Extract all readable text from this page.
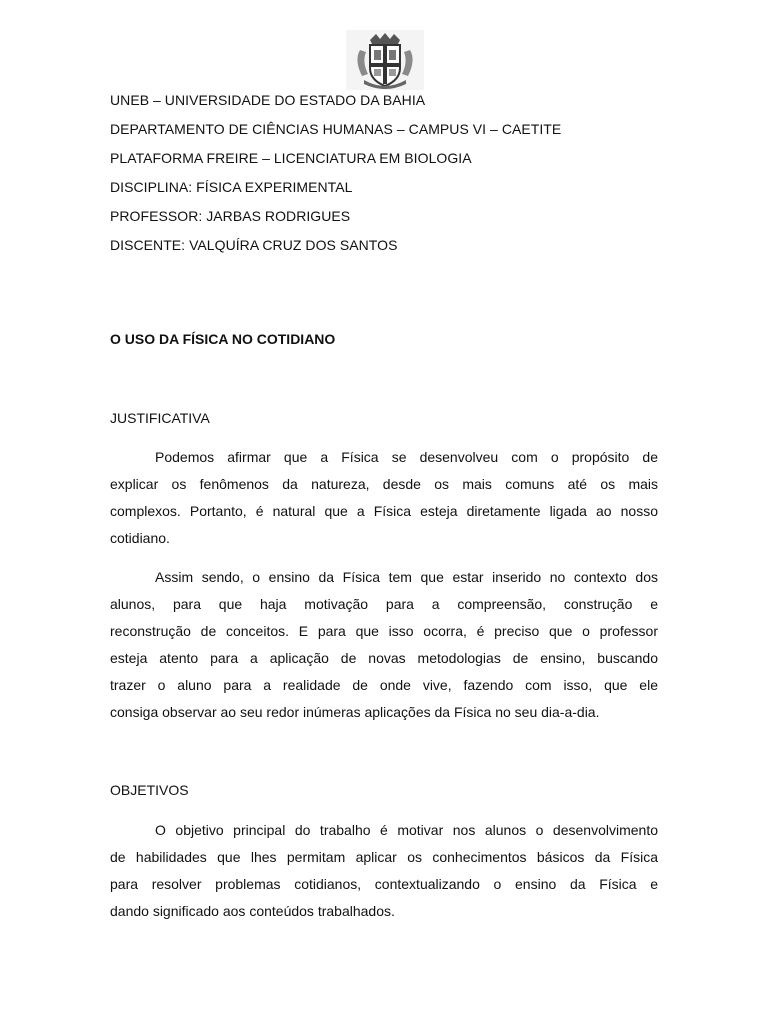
UNEB – UNIVERSIDADE DO ESTADO DA BAHIA
DEPARTAMENTO DE CIÊNCIAS HUMANAS – CAMPUS VI – CAETITE
PLATAFORMA FREIRE – LICENCIATURA EM BIOLOGIA
DISCIPLINA: FÍSICA EXPERIMENTAL
PROFESSOR: JARBAS RODRIGUES
DISCENTE: VALQUÍRA CRUZ DOS SANTOS
O USO DA FÍSICA NO COTIDIANO
JUSTIFICATIVA
Podemos afirmar que a Física se desenvolveu com o propósito de
explicar os fenômenos da natureza, desde os mais comuns até os mais
complexos. Portanto, é natural que a Física esteja diretamente ligada ao nosso
cotidiano.
Assim sendo, o ensino da Física tem que estar inserido no contexto dos
alunos, para que haja motivação para a compreensão, construção e
reconstrução de conceitos. E para que isso ocorra, é preciso que o professor
esteja atento para a aplicação de novas metodologias de ensino, buscando
trazer o aluno para a realidade de onde vive, fazendo com isso, que ele
consiga observar ao seu redor inúmeras aplicações da Física no seu dia-a-dia.
OBJETIVOS
O objetivo principal do trabalho é motivar nos alunos o desenvolvimento
de habilidades que lhes permitam aplicar os conhecimentos básicos da Física
para resolver problemas cotidianos, contextualizando o ensino da Física e
dando significado aos conteúdos trabalhados.
